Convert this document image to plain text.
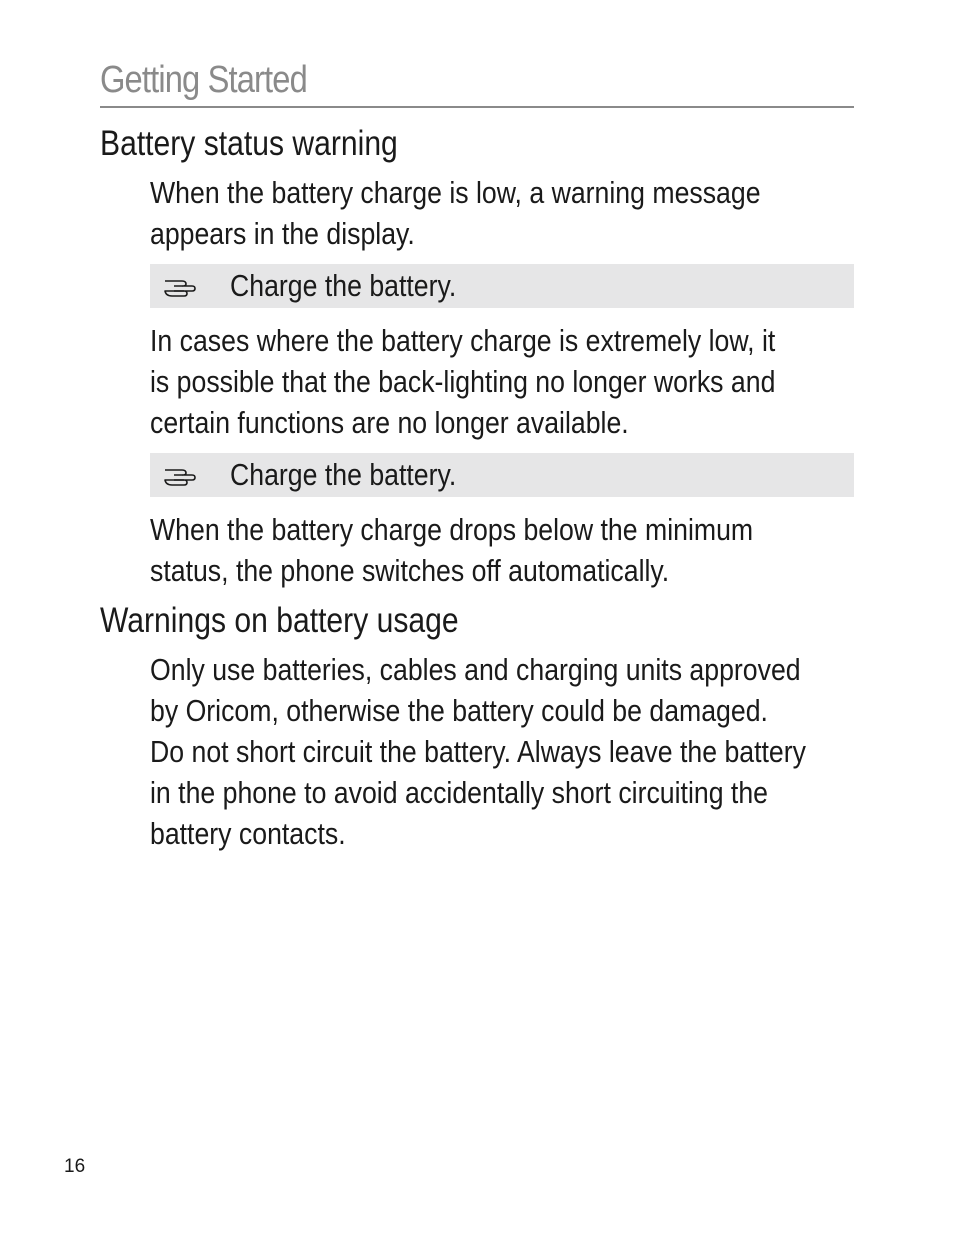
Getting Started
Battery status warning
When the battery charge is low, a warning message
appears in the display.
Charge the battery.
In cases where the battery charge is extremely low, it
is possible that the back-lighting no longer works and
certain functions are no longer available.
Charge the battery.
When the battery charge drops below the minimum
status, the phone switches off automatically.
Warnings on battery usage
Only use batteries, cables and charging units approved
by Oricom, otherwise the battery could be damaged.
Do not short circuit the battery. Always leave the battery
in the phone to avoid accidentally short circuiting the
battery contacts.
16
